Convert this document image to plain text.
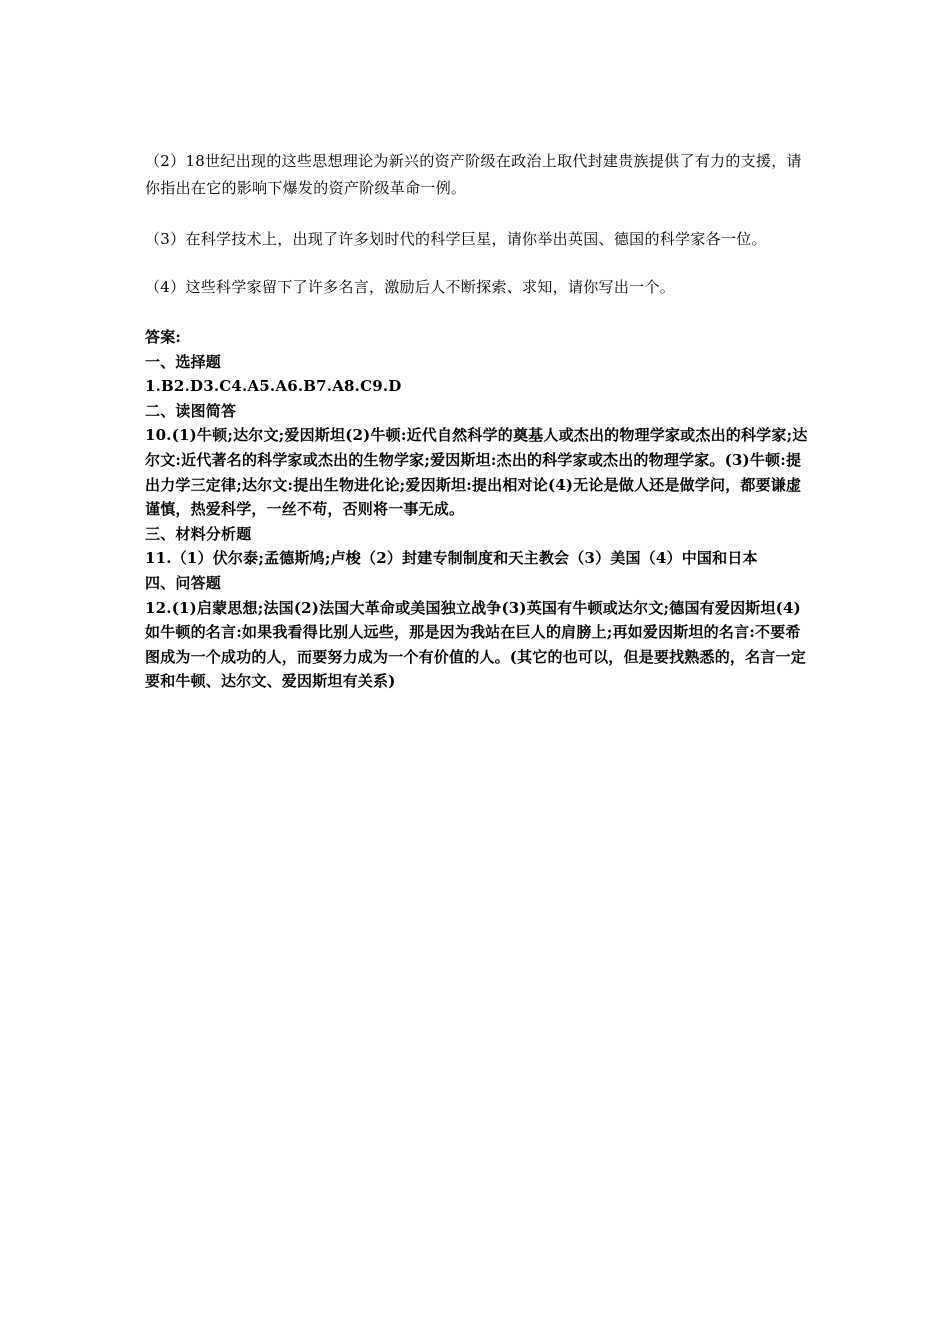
（2）18世纪出现的这些思想理论为新兴的资产阶级在政治上取代封建贵族提供了有力的支援，请你指出在它的影响下爆发的资产阶级革命一例。

（3）在科学技术上，出现了许多划时代的科学巨星，请你举出英国、德国的科学家各一位。

（4）这些科学家留下了许多名言，激励后人不断探索、求知，请你写出一个。

答案:
一、选择题
1.B2.D3.C4.A5.A6.B7.A8.C9.D
二、读图简答
10.(1)牛顿;达尔文;爱因斯坦(2)牛顿:近代自然科学的奠基人或杰出的物理学家或杰出的科学家;达尔文:近代著名的科学家或杰出的生物学家;爱因斯坦:杰出的科学家或杰出的物理学家。(3)牛顿:提出力学三定律;达尔文:提出生物进化论;爱因斯坦:提出相对论(4)无论是做人还是做学问，都要谦虚谨慎，热爱科学，一丝不苟，否则将一事无成。
三、材料分析题
11.（1）伏尔泰;孟德斯鸠;卢梭（2）封建专制制度和天主教会（3）美国（4）中国和日本
四、问答题
12.(1)启蒙思想;法国(2)法国大革命或美国独立战争(3)英国有牛顿或达尔文;德国有爱因斯坦(4)如牛顿的名言:如果我看得比别人远些，那是因为我站在巨人的肩膀上;再如爱因斯坦的名言:不要希图成为一个成功的人，而要努力成为一个有价值的人。(其它的也可以，但是要找熟悉的，名言一定要和牛顿、达尔文、爱因斯坦有关系)
